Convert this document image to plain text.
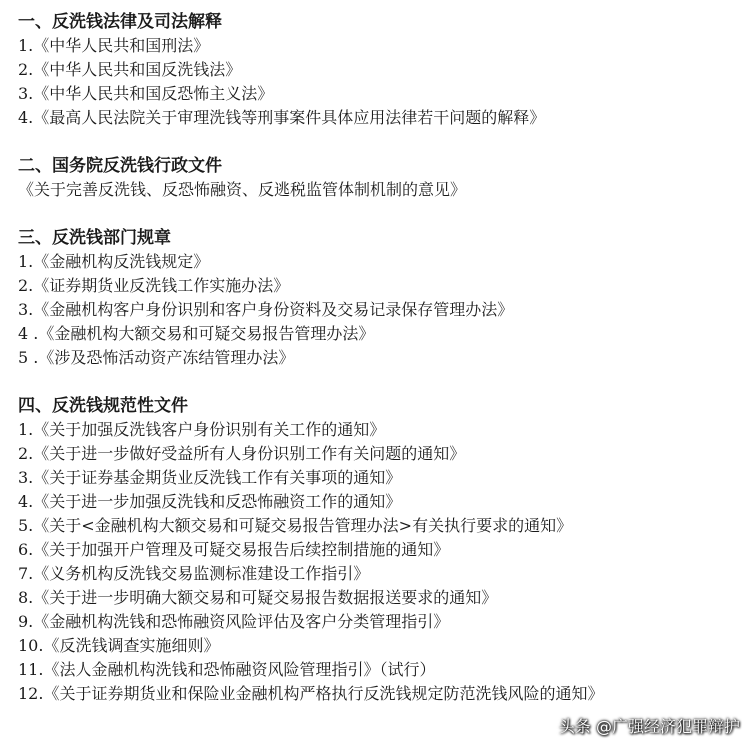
一、反洗钱法律及司法解释
1.《中华人民共和国刑法》
2.《中华人民共和国反洗钱法》
3.《中华人民共和国反恐怖主义法》
4.《最高人民法院关于审理洗钱等刑事案件具体应用法律若干问题的解释》
二、国务院反洗钱行政文件
《关于完善反洗钱、反恐怖融资、反逃税监管体制机制的意见》
三、反洗钱部门规章
1.《金融机构反洗钱规定》
2.《证券期货业反洗钱工作实施办法》
3.《金融机构客户身份识别和客户身份资料及交易记录保存管理办法》
4 .《金融机构大额交易和可疑交易报告管理办法》
5 .《涉及恐怖活动资产冻结管理办法》
四、反洗钱规范性文件
1.《关于加强反洗钱客户身份识别有关工作的通知》
2.《关于进一步做好受益所有人身份识别工作有关问题的通知》
3.《关于证券基金期货业反洗钱工作有关事项的通知》
4.《关于进一步加强反洗钱和反恐怖融资工作的通知》
5.《关于<金融机构大额交易和可疑交易报告管理办法>有关执行要求的通知》
6.《关于加强开户管理及可疑交易报告后续控制措施的通知》
7.《义务机构反洗钱交易监测标准建设工作指引》
8.《关于进一步明确大额交易和可疑交易报告数据报送要求的通知》
9.《金融机构洗钱和恐怖融资风险评估及客户分类管理指引》
10.《反洗钱调查实施细则》
11.《法人金融机构洗钱和恐怖融资风险管理指引》（试行）
12.《关于证券期货业和保险业金融机构严格执行反洗钱规定防范洗钱风险的通知》
头条 @广强经济犯罪辩护
